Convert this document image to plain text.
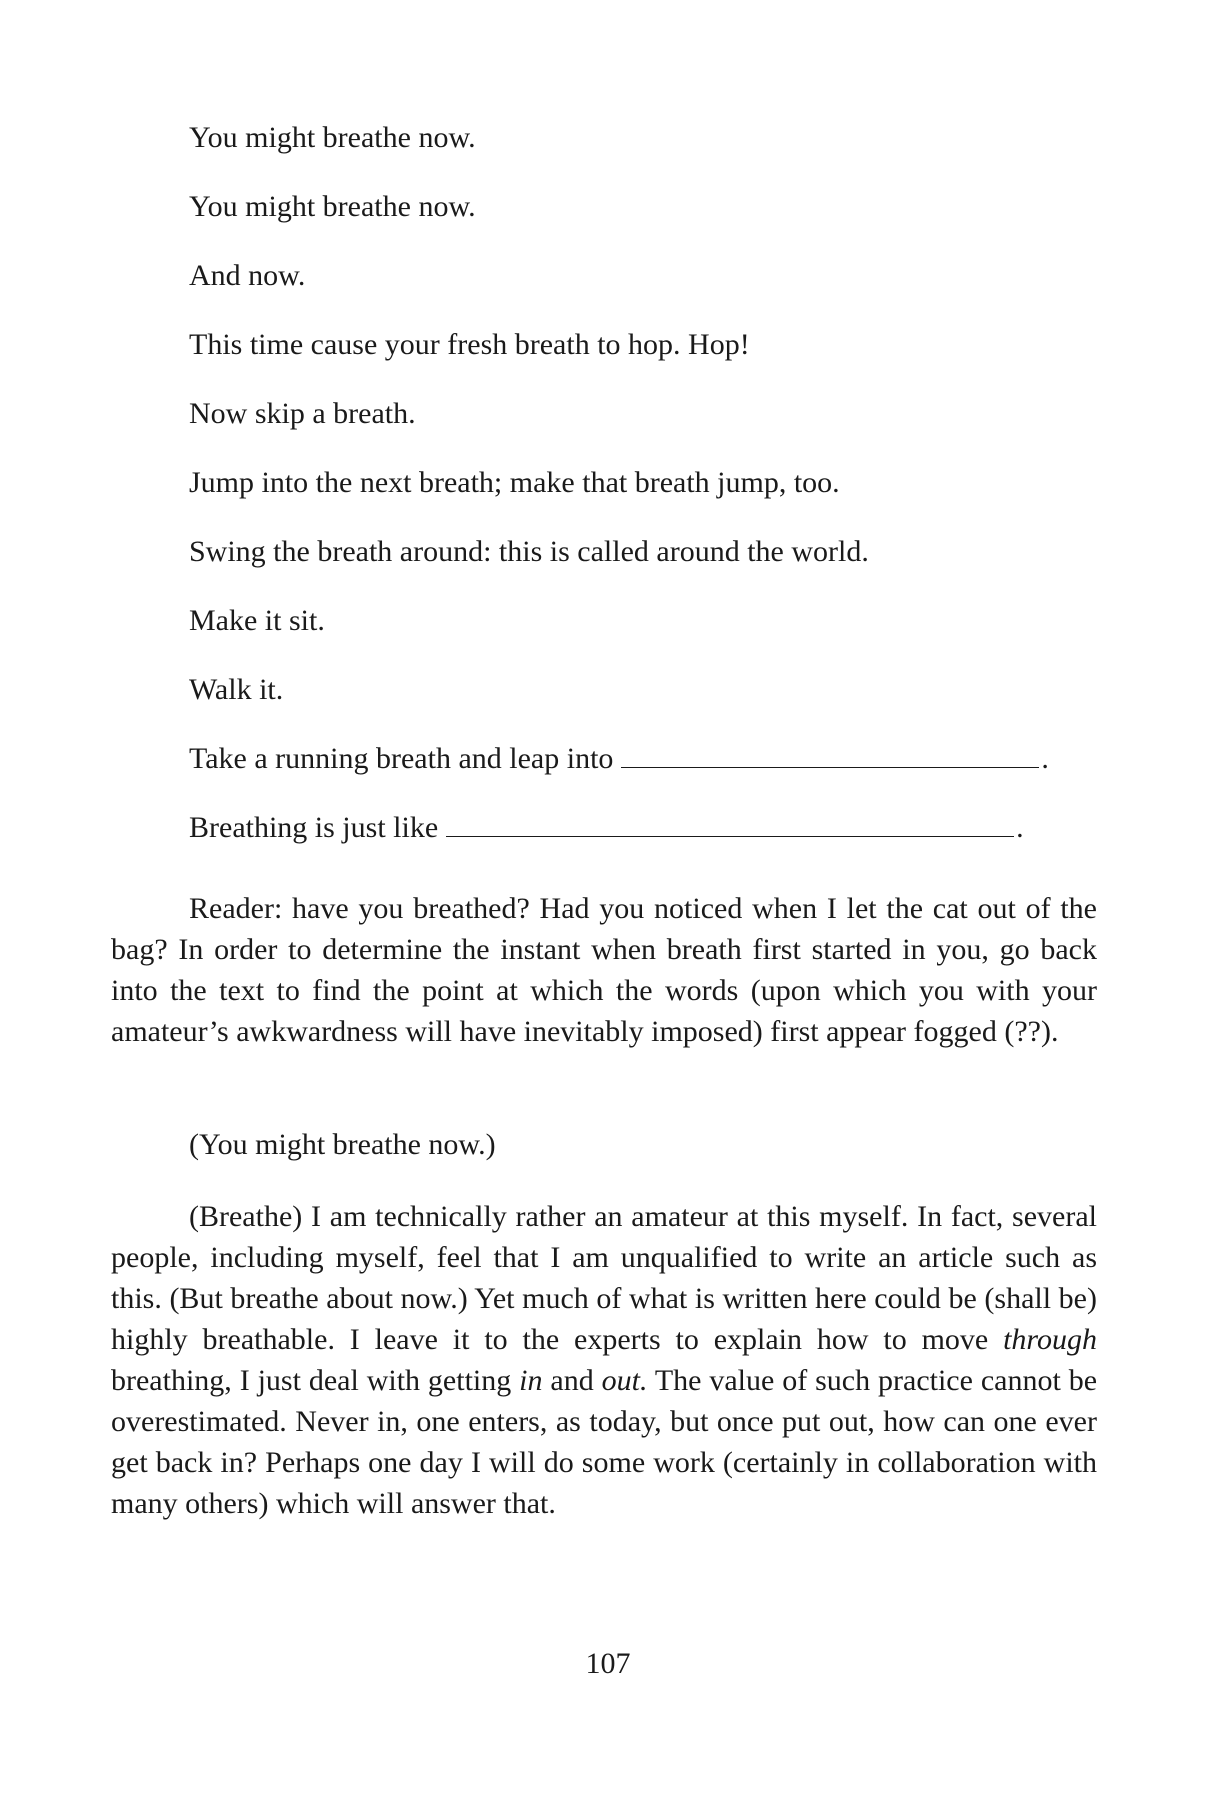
You might breathe now.
You might breathe now.
And now.
This time cause your fresh breath to hop. Hop!
Now skip a breath.
Jump into the next breath; make that breath jump, too.
Swing the breath around: this is called around the world.
Make it sit.
Walk it.
Take a running breath and leap into	.
Breathing is just like	.
Reader: have you breathed? Had you noticed when I let the cat out of the bag? In order to determine the instant when breath first started in you, go back into the text to find the point at which the words (upon which you with your amateur’s awkwardness will have inevitably imposed) first appear fogged (??).
(You might breathe now.)
(Breathe) I am technically rather an amateur at this myself. In fact, several people, including myself, feel that I am unqualified to write an article such as this. (But breathe about now.) Yet much of what is written here could be (shall be) highly breathable. I leave it to the experts to explain how to move through breathing, I just deal with getting in and out. The value of such practice cannot be overestimated. Never in, one enters, as today, but once put out, how can one ever get back in? Perhaps one day I will do some work (certainly in collaboration with many others) which will answer that.
107
